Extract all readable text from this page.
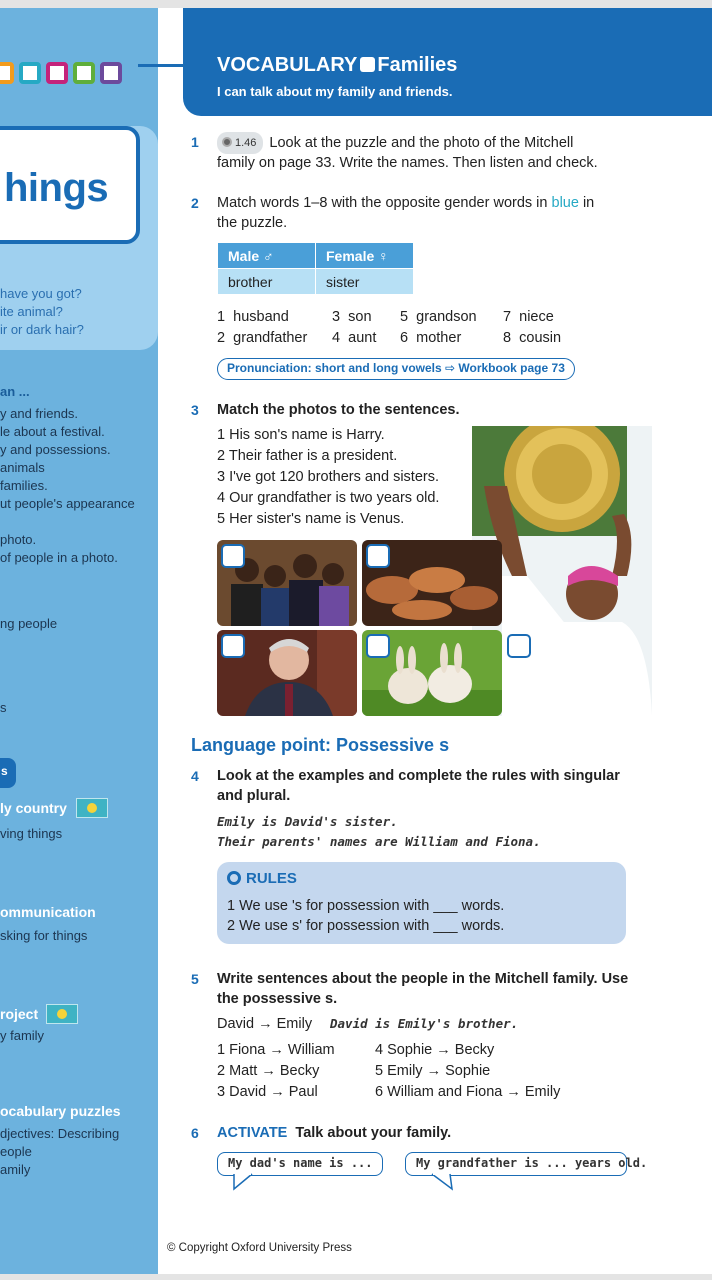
hings
have you got?
ite animal?
ir or dark hair?
an ...
y and friends.
le about a festival.
y and possessions.
animals
families.
ut people's appearance
photo.
of people in a photo.
ng people
s
s
ly country
ving things
ommunication
sking for things
roject
y family
ocabulary puzzles
djectives: Describing
eople
amily
VOCABULARY Families
I can talk about my family and friends.
1	1.46 Look at the puzzle and the photo of the Mitchell
family on page 33. Write the names. Then listen and check.
2 Match words 1–8 with the opposite gender words in blue in
the puzzle.
Male ♂	Female ♀
brother	sister
1 husband	3 son 5 grandson 7 niece
2 grandfather 4 aunt 6 mother	8 cousin
Pronunciation: short and long vowels ⇨ Workbook page 73
3 Match the photos to the sentences.
1 His son's name is Harry.
2 Their father is a president.
3 I've got 120 brothers and sisters.
4 Our grandfather is two years old.
5 Her sister's name is Venus.
Language point: Possessive s
4 Look at the examples and complete the rules with singular
and plural.
Emily is David's sister.
Their parents' names are William and Fiona.
RULES
1 We use 's for possession with ___ words.
2 We use s' for possession with ___ words.
5 Write sentences about the people in the Mitchell family. Use
the possessive s.
David → Emily David is Emily's brother.
1 Fiona → William	4 Sophie → Becky
2 Matt → Becky	5 Emily → Sophie
3 David → Paul	6 William and Fiona → Emily
6 ACTIVATE Talk about your family.
My dad's name is ...	My grandfather is ... years old.
© Copyright Oxford University Press
